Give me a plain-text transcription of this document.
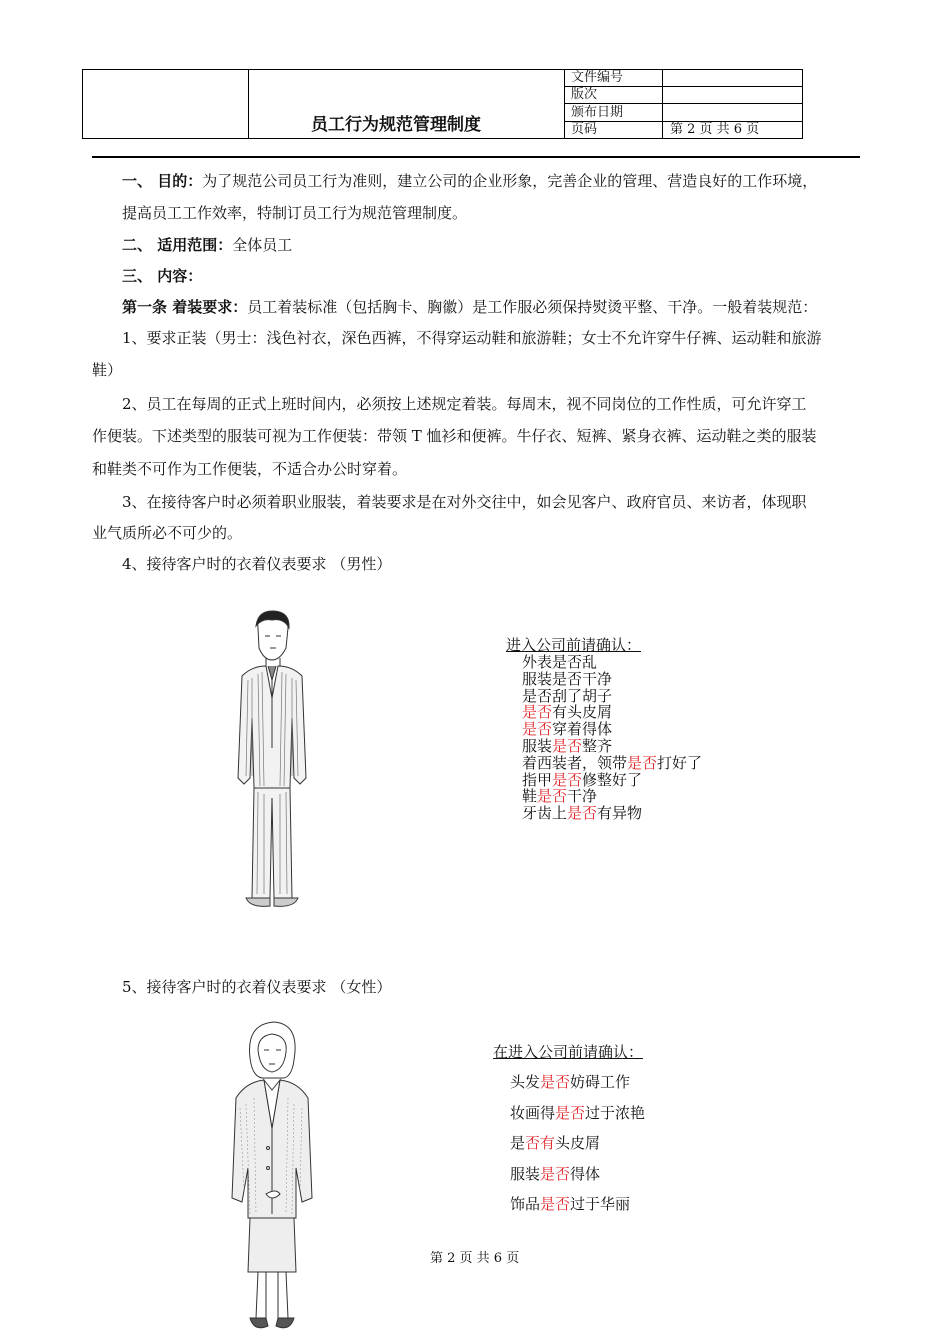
员工行为规范管理制度
文件编号
版次
颁布日期
页码	第 2 页 共 6 页
一、 目的：为了规范公司员工行为准则，建立公司的企业形象，完善企业的管理、营造良好的工作环境，
提高员工工作效率，特制订员工行为规范管理制度。
二、 适用范围：全体员工
三、 内容：
第一条 着装要求：员工着装标准（包括胸卡、胸徽）是工作服必须保持熨烫平整、干净。一般着装规范：
1、要求正装（男士：浅色衬衣，深色西裤，不得穿运动鞋和旅游鞋；女士不允许穿牛仔裤、运动鞋和旅游
鞋）
2、员工在每周的正式上班时间内，必须按上述规定着装。每周末，视不同岗位的工作性质，可允许穿工
作便装。下述类型的服装可视为工作便装：带领 T 恤衫和便裤。牛仔衣、短裤、紧身衣裤、运动鞋之类的服装
和鞋类不可作为工作便装，不适合办公时穿着。
3、在接待客户时必须着职业服装，着装要求是在对外交往中，如会见客户、政府官员、来访者，体现职
业气质所必不可少的。
4、接待客户时的衣着仪表要求 （男性）
进入公司前请确认：
外表是否乱
服装是否干净
是否刮了胡子
是否有头皮屑
是否穿着得体
服装是否整齐
着西装者，领带是否打好了
指甲是否修整好了
鞋是否干净
牙齿上是否有异物
5、接待客户时的衣着仪表要求 （女性）
在进入公司前请确认：
头发是否妨碍工作
妆画得是否过于浓艳
是否有头皮屑
服装是否得体
饰品是否过于华丽
第 2 页 共 6 页
